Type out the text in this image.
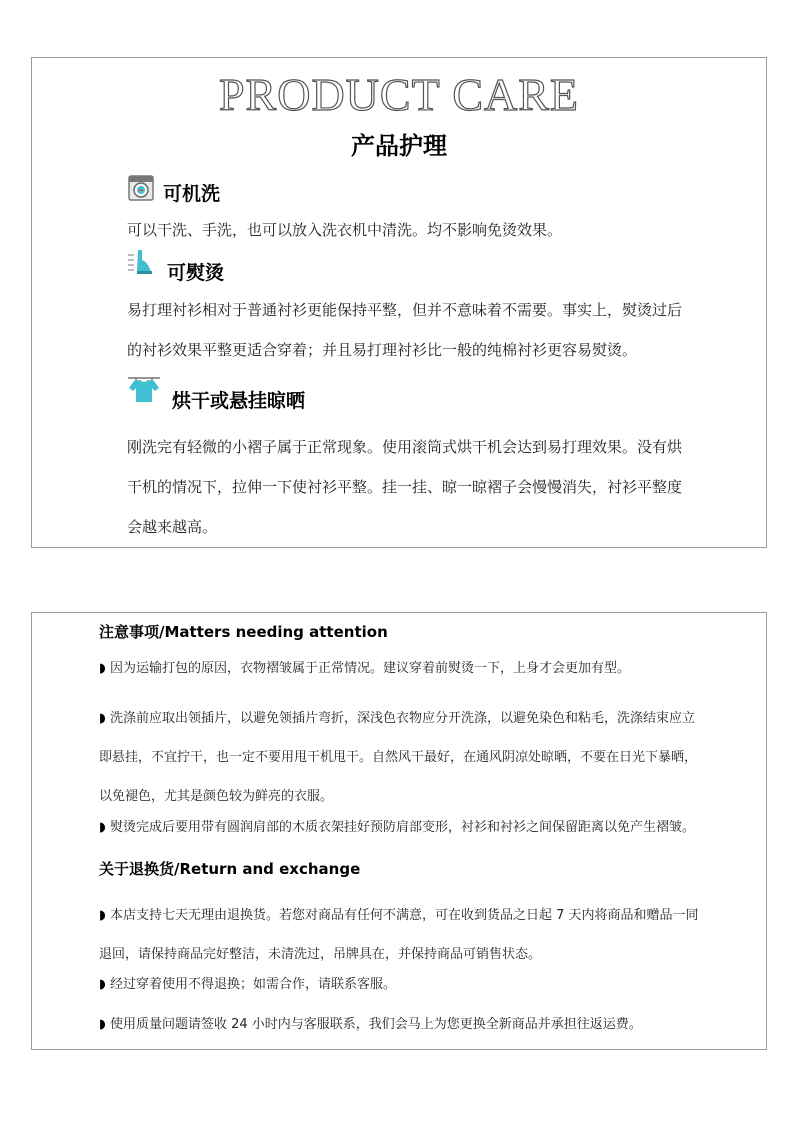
PRODUCT CARE
产品护理
可机洗

可以干洗、手洗，也可以放入洗衣机中清洗。均不影响免烫效果。

可熨烫

易打理衬衫相对于普通衬衫更能保持平整，但并不意味着不需要。事实上，熨烫过后的衬衫效果平整更适合穿着；并且易打理衬衫比一般的纯棉衬衫更容易熨烫。

烘干或悬挂晾晒

刚洗完有轻微的小褶子属于正常现象。使用滚筒式烘干机会达到易打理效果。没有烘干机的情况下，拉伸一下使衬衫平整。挂一挂、晾一晾褶子会慢慢消失，衬衫平整度会越来越高。

注意事项/Matters needing attention

◗ 因为运输打包的原因，衣物褶皱属于正常情况。建议穿着前熨烫一下，上身才会更加有型。

◗ 洗涤前应取出领插片，以避免领插片弯折，深浅色衣物应分开洗涤，以避免染色和粘毛，洗涤结束应立即悬挂，不宜拧干，也一定不要用甩干机甩干。自然风干最好，在通风阴凉处晾晒，不要在日光下暴晒，以免褪色，尤其是颜色较为鲜亮的衣服。

◗ 熨烫完成后要用带有圆润肩部的木质衣架挂好预防肩部变形，衬衫和衬衫之间保留距离以免产生褶皱。

关于退换货/Return and exchange

◗ 本店支持七天无理由退换货。若您对商品有任何不满意，可在收到货品之日起 7 天内将商品和赠品一同退回，请保持商品完好整洁，未清洗过，吊牌具在，并保持商品可销售状态。

◗ 经过穿着使用不得退换；如需合作，请联系客服。

◗ 使用质量问题请签收 24 小时内与客服联系，我们会马上为您更换全新商品并承担往返运费。
